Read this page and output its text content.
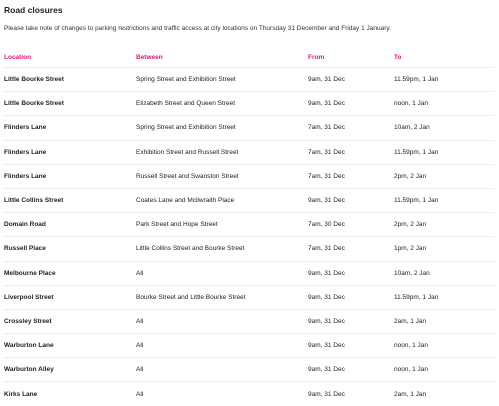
Road closures
Please take note of changes to parking restrictions and traffic access at city locations on Thursday 31 December and Friday 1 January.
Location	Between	From	To
Little Bourke Street	Spring Street and Exhibition Street	9am, 31 Dec	11.59pm, 1 Jan
Little Bourke Street	Elizabeth Street and Queen Street	9am, 31 Dec	noon, 1 Jan
Flinders Lane	Spring Street and Exhibition Street	7am, 31 Dec	10am, 2 Jan
Flinders Lane	Exhibition Street and Russell Street	7am, 31 Dec	11.59pm, 1 Jan
Flinders Lane	Russell Street and Swanston Street	7am, 31 Dec	2pm, 2 Jan
Little Collins Street	Coates Lane and Mcilwraith Place	9am, 31 Dec	11.59pm, 1 Jan
Domain Road	Park Street and Hope Street	7am, 30 Dec	2pm, 2 Jan
Russell Place	Little Collins Street and Bourke Street	7am, 31 Dec	1pm, 2 Jan
Melbourne Place	All	9am, 31 Dec	10am, 2 Jan
Liverpool Street	Bourke Street and Little Bourke Street	9am, 31 Dec	11.59pm, 1 Jan
Crossley Street	All	9am, 31 Dec	2am, 1 Jan
Warburton Lane	All	9am, 31 Dec	noon, 1 Jan
Warburton Alley	All	9am, 31 Dec	noon, 1 Jan
Kirks Lane	All	9am, 31 Dec	2am, 1 Jan
